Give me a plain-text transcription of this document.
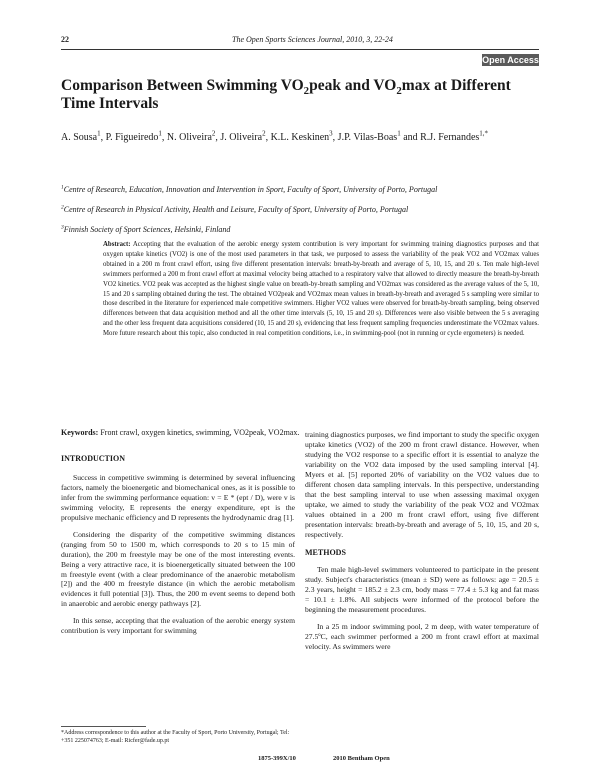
22	The Open Sports Sciences Journal, 2010, 3, 22-24
Open Access
Comparison Between Swimming $VO_2peak$ and $VO_2\max$ at Different Time Intervals
A. Sousa$^1$, P. Figueiredo$^1$, N. Oliveira$^2$, J. Oliveira$^2$, K.L. Keskinen$^3$, J.P. Vilas-Boas$^1$ and R.J. Fernandes$^{1,*}$
$^1$Centre of Research, Education, Innovation and Intervention in Sport, Faculty of Sport, University of Porto, Portugal
$^2$Centre of Research in Physical Activity, Health and Leisure, Faculty of Sport, University of Porto, Portugal
$^3$Finnish Society of Sport Sciences, Helsinki, Finland
Abstract: Accepting that the evaluation of the aerobic energy system contribution is very important for swimming training diagnostics purposes and that oxygen uptake kinetics (VO2) is one of the most used parameters in that task, we purposed to assess the variability of the peak VO2 and VO2max values obtained in a 200 m front crawl effort, using five different presentation intervals: breath-by-breath and average of 5, 10, 15, and 20 s. Ten male high-level swimmers performed a 200 m front crawl effort at maximal velocity being attached to a respiratory valve that allowed to directly measure the breath-by-breath VO2 kinetics. VO2 peak was accepted as the highest single value on breath-by-breath sampling and VO2max was considered as the average values of the 5, 10, 15 and 20 s sampling obtained during the test. The obtained VO2peak and VO2max mean values in breath-by-breath and averaged 5 s sampling were similar to those described in the literature for experienced male competitive swimmers. Higher VO2 values were observed for breath-by-breath sampling, being observed differences between that data acquisition method and all the other time intervals (5, 10, 15 and 20 s). Differences were also visible between the 5 s averaging and the other less frequent data acquisitions considered (10, 15 and 20 s), evidencing that less frequent sampling frequencies underestimate the VO2max values. More future research about this topic, also conducted in real competition conditions, i.e., in swimming-pool (not in running or cycle ergometers) is needed.
Keywords: Front crawl, oxygen kinetics, swimming, VO2peak, VO2max.

INTRODUCTION

Success in competitive swimming is determined by several influencing factors, namely the bioenergetic and biomechanical ones, as it is possible to infer from the swimming performance equation: v = E * (ept / D), were v is swimming velocity, E represents the energy expenditure, ept is the propulsive mechanic efficiency and D represents the hydrodynamic drag [1].

Considering the disparity of the competitive swimming distances (ranging from 50 to 1500 m, which corresponds to 20 s to 15 min of duration), the 200 m freestyle may be one of the most interesting events. Being a very attractive race, it is bioenergetically situated between the 100 m freestyle event (with a clear predominance of the anaerobic metabolism [2]) and the 400 m freestyle distance (in which the aerobic metabolism evidences it full potential [3]). Thus, the 200 m event seems to depend both in anaerobic and aerobic energy pathways [2].

In this sense, accepting that the evaluation of the aerobic energy system contribution is very important for swimming

training diagnostics purposes, we find important to study the specific oxygen uptake kinetics (VO2) of the 200 m front crawl distance. However, when studying the VO2 response to a specific effort it is essential to analyze the variability on the VO2 data imposed by the used sampling interval [4]. Myers et al. [5] reported 20% of variability on the VO2 values due to different chosen data sampling intervals. In this perspective, understanding that the best sampling interval to use when assessing maximal oxygen uptake, we aimed to study the variability of the peak VO2 and VO2max values obtained in a 200 m front crawl effort, using five different presentation intervals: breath-by-breath and average of 5, 10, 15, and 20 s, respectively.

METHODS

Ten male high-level swimmers volunteered to participate in the present study. Subject's characteristics (mean ± SD) were as follows: age = 20.5 ± 2.3 years, height = 185.2 ± 2.3 cm, body mass = 77.4 ± 5.3 kg and fat mass = 10.1 ± 1.8%. All subjects were informed of the protocol before the beginning the measurement procedures.

In a 25 m indoor swimming pool, 2 m deep, with water temperature of 27.5ºC, each swimmer performed a 200 m front crawl effort at maximal velocity. As swimmers were

*Address correspondence to this author at the Faculty of Sport, Porto University, Portugal; Tel: +351 225074763; E-mail: Ricfer@fade.up.pt
1875-399X/10	2010 Bentham Open
